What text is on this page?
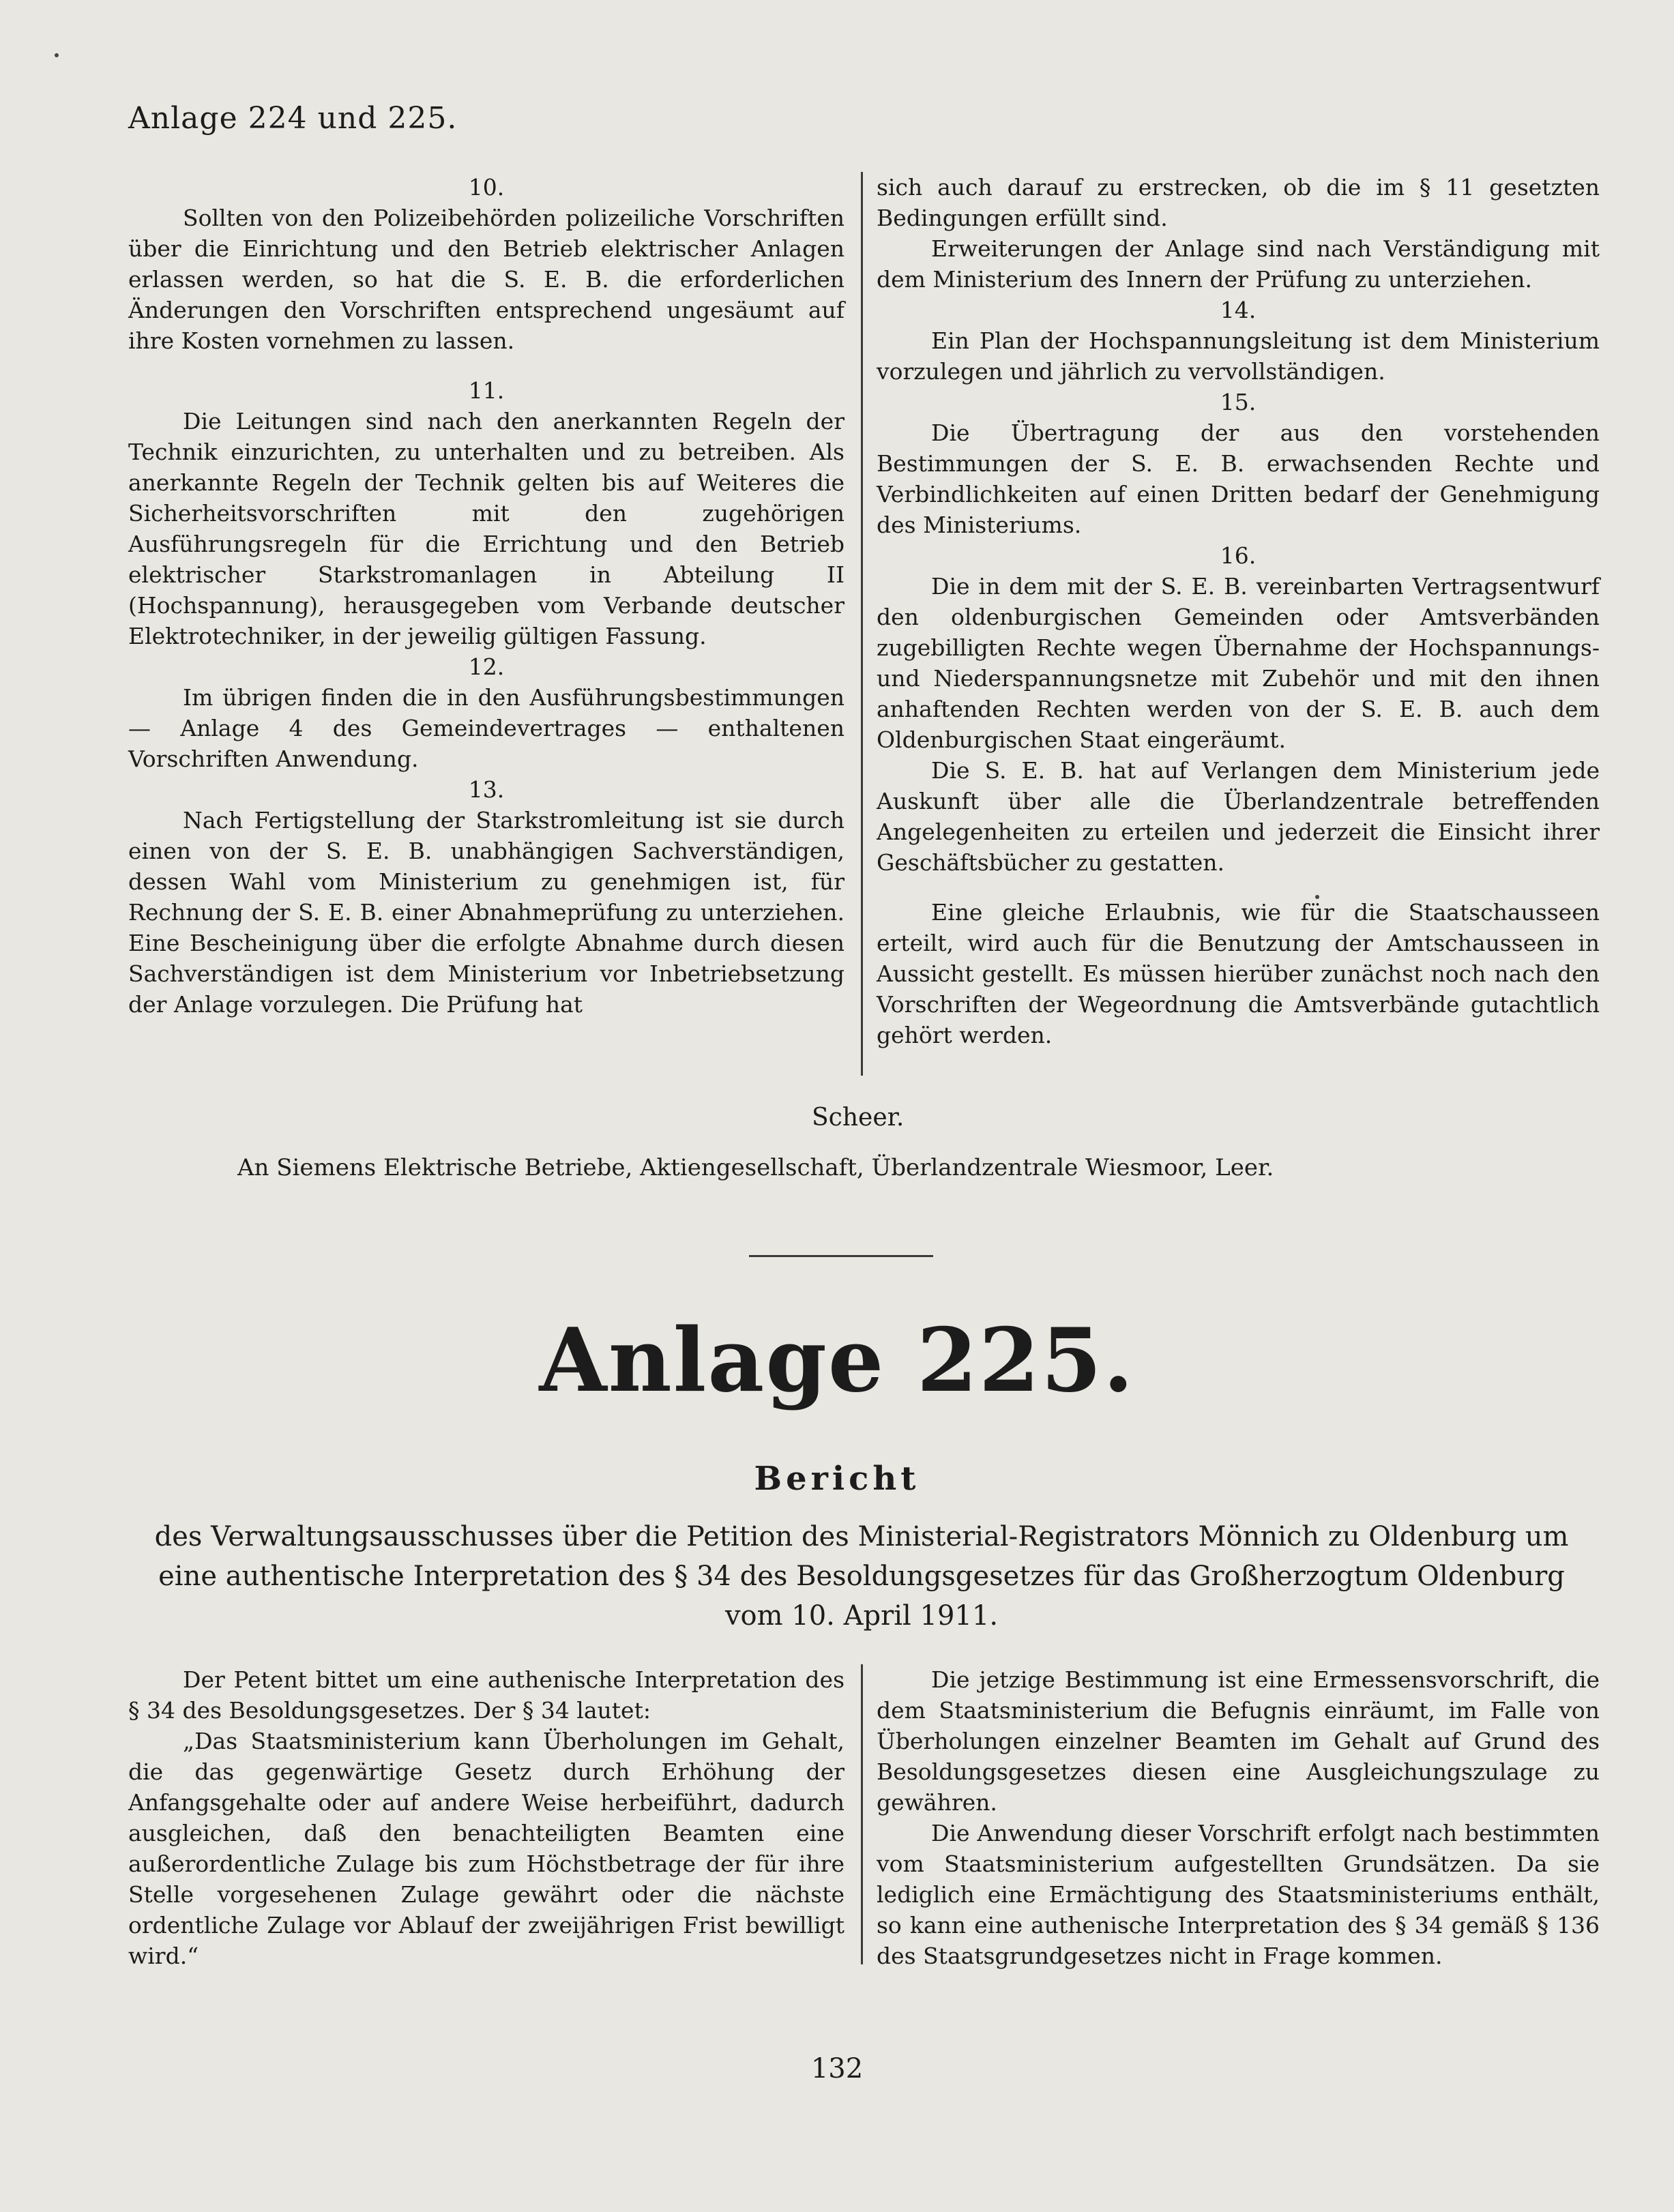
Anlage 224 und 225.
10.

Sollten von den Polizeibehörden polizeiliche Vorschriften über die Einrichtung und den Betrieb elektrischer Anlagen erlassen werden, so hat die S. E. B. die erforderlichen Änderungen den Vorschriften entsprechend ungesäumt auf ihre Kosten vornehmen zu lassen.

11.

Die Leitungen sind nach den anerkannten Regeln der Technik einzurichten, zu unterhalten und zu betreiben. Als anerkannte Regeln der Technik gelten bis auf Weiteres die Sicherheitsvorschriften mit den zugehörigen Ausführungsregeln für die Errichtung und den Betrieb elektrischer Starkstromanlagen in Abteilung II (Hochspannung), herausgegeben vom Verbande deutscher Elektrotechniker, in der jeweilig gültigen Fassung.

12.

Im übrigen finden die in den Ausführungsbestimmungen — Anlage 4 des Gemeindevertrages — enthaltenen Vorschriften Anwendung.

13.

Nach Fertigstellung der Starkstromleitung ist sie durch einen von der S. E. B. unabhängigen Sachverständigen, dessen Wahl vom Ministerium zu genehmigen ist, für Rechnung der S. E. B. einer Abnahmeprüfung zu unterziehen. Eine Bescheinigung über die erfolgte Abnahme durch diesen Sachverständigen ist dem Ministerium vor Inbetriebsetzung der Anlage vorzulegen. Die Prüfung hat

sich auch darauf zu erstrecken, ob die im § 11 gesetzten Bedingungen erfüllt sind.

Erweiterungen der Anlage sind nach Verständigung mit dem Ministerium des Innern der Prüfung zu unterziehen.

14.

Ein Plan der Hochspannungsleitung ist dem Ministerium vorzulegen und jährlich zu vervollständigen.

15.

Die Übertragung der aus den vorstehenden Bestimmungen der S. E. B. erwachsenden Rechte und Verbindlichkeiten auf einen Dritten bedarf der Genehmigung des Ministeriums.

16.

Die in dem mit der S. E. B. vereinbarten Vertragsentwurf den oldenburgischen Gemeinden oder Amtsverbänden zugebilligten Rechte wegen Übernahme der Hochspannungs- und Niederspannungsnetze mit Zubehör und mit den ihnen anhaftenden Rechten werden von der S. E. B. auch dem Oldenburgischen Staat eingeräumt.

Die S. E. B. hat auf Verlangen dem Ministerium jede Auskunft über alle die Überlandzentrale betreffenden Angelegenheiten zu erteilen und jederzeit die Einsicht ihrer Geschäftsbücher zu gestatten.

Eine gleiche Erlaubnis, wie für die Staatschausseen erteilt, wird auch für die Benutzung der Amtschausseen in Aussicht gestellt. Es müssen hierüber zunächst noch nach den Vorschriften der Wegeordnung die Amtsverbände gutachtlich gehört werden.

Scheer.
An Siemens Elektrische Betriebe, Aktiengesellschaft, Überlandzentrale Wiesmoor, Leer.
Anlage 225.
Bericht
des Verwaltungsausschusses über die Petition des Ministerial-Registrators Mönnich zu Oldenburg um eine authentische Interpretation des § 34 des Besoldungsgesetzes für das Großherzogtum Oldenburg vom 10. April 1911.

Der Petent bittet um eine authenische Interpretation des § 34 des Besoldungsgesetzes. Der § 34 lautet:

„Das Staatsministerium kann Überholungen im Gehalt, die das gegenwärtige Gesetz durch Erhöhung der Anfangsgehalte oder auf andere Weise herbeiführt, dadurch ausgleichen, daß den benachteiligten Beamten eine außerordentliche Zulage bis zum Höchstbetrage der für ihre Stelle vorgesehenen Zulage gewährt oder die nächste ordentliche Zulage vor Ablauf der zweijährigen Frist bewilligt wird.“

Die jetzige Bestimmung ist eine Ermessensvorschrift, die dem Staatsministerium die Befugnis einräumt, im Falle von Überholungen einzelner Beamten im Gehalt auf Grund des Besoldungsgesetzes diesen eine Ausgleichungszulage zu gewähren.

Die Anwendung dieser Vorschrift erfolgt nach bestimmten vom Staatsministerium aufgestellten Grundsätzen. Da sie lediglich eine Ermächtigung des Staatsministeriums enthält, so kann eine authenische Interpretation des § 34 gemäß § 136 des Staatsgrundgesetzes nicht in Frage kommen.

132
